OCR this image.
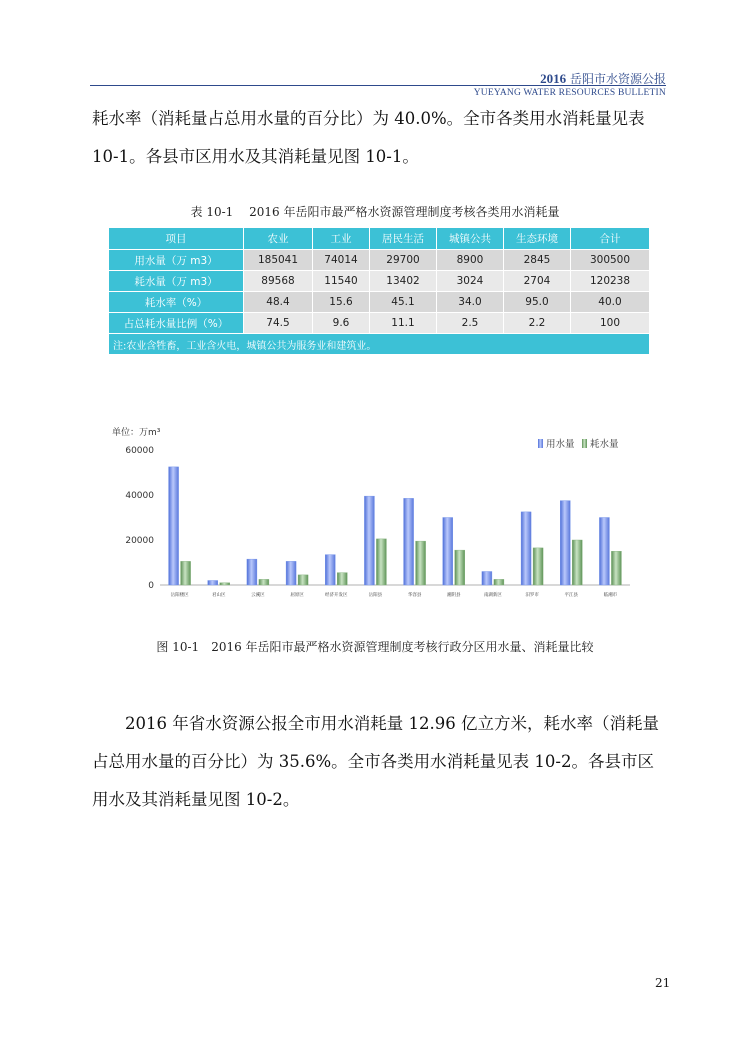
2016 岳阳市水资源公报
YUEYANG WATER RESOURCES BULLETIN
耗水率（消耗量占总用水量的百分比）为 40.0%。全市各类用水消耗量见表
10-1。各县市区用水及其消耗量见图 10-1。
表 10-1　 2016 年岳阳市最严格水资源管理制度考核各类用水消耗量
项目	农业	工业	居民生活	城镇公共	生态环境	合计
用水量（万 m3）	185041	74014	29700	8900	2845	300500
耗水量（万 m3）	89568	11540	13402	3024	2704	120238
耗水率（%）	48.4	15.6	45.1	34.0	95.0	40.0
占总耗水量比例（%）	74.5	9.6	11.1	2.5	2.2	100
注:农业含牲畜，工业含火电，城镇公共为服务业和建筑业。						
单位：万m³
0
20000
40000
60000
岳阳楼区	君山区	云溪区	屈原区	经济开发区	岳阳县	华容县	湘阴县	南湖新区	汨罗市	平江县	临湘市
用水量 耗水量
图 10-1　2016 年岳阳市最严格水资源管理制度考核行政分区用水量、消耗量比较
　　2016 年省水资源公报全市用水消耗量 12.96 亿立方米，耗水率（消耗量
占总用水量的百分比）为 35.6%。全市各类用水消耗量见表 10-2。各县市区
用水及其消耗量见图 10-2。
21
